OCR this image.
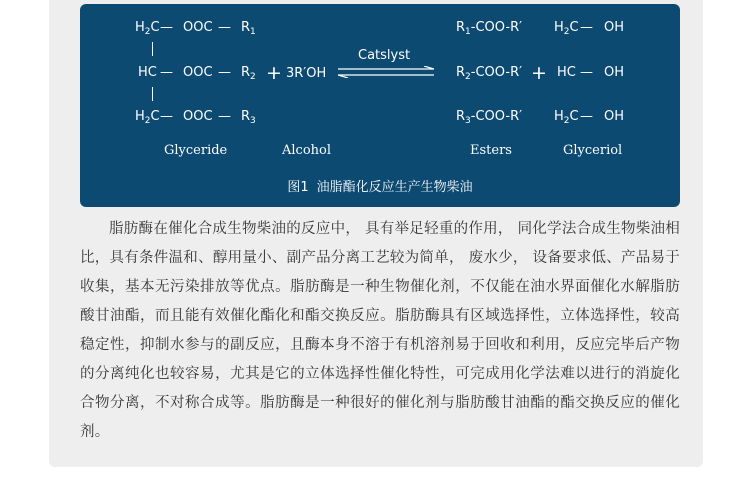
$H_2C$ — OOC — $R_1$
HC — OOC — $R_2$
$H_2C$ — OOC — $R_3$
+ 3R′OH
Catslyst
$R_1-COO-R'$
$R_2-COO-R'$
$R_3-COO-R'$
+
$H_2C$ — OH
HC — OH
$H_2C$ — OH
Glyceride	Alcohol	Esters	Glyceriol
图1 油脂酯化反应生产生物柴油

脂肪酶在催化合成生物柴油的反应中， 具有举足轻重的作用， 同化学法合成生物柴油相比，具有条件温和、醇用量小、副产品分离工艺较为简单， 废水少， 设备要求低、产品易于收集，基本无污染排放等优点。脂肪酶是一种生物催化剂，不仅能在油水界面催化水解脂肪酸甘油酯，而且能有效催化酯化和酯交换反应。脂肪酶具有区域选择性，立体选择性，较高稳定性，抑制水参与的副反应，且酶本身不溶于有机溶剂易于回收和利用，反应完毕后产物的分离纯化也较容易，尤其是它的立体选择性催化特性，可完成用化学法难以进行的消旋化合物分离，不对称合成等。脂肪酶是一种很好的催化剂与脂肪酸甘油酯的酯交换反应的催化剂。
